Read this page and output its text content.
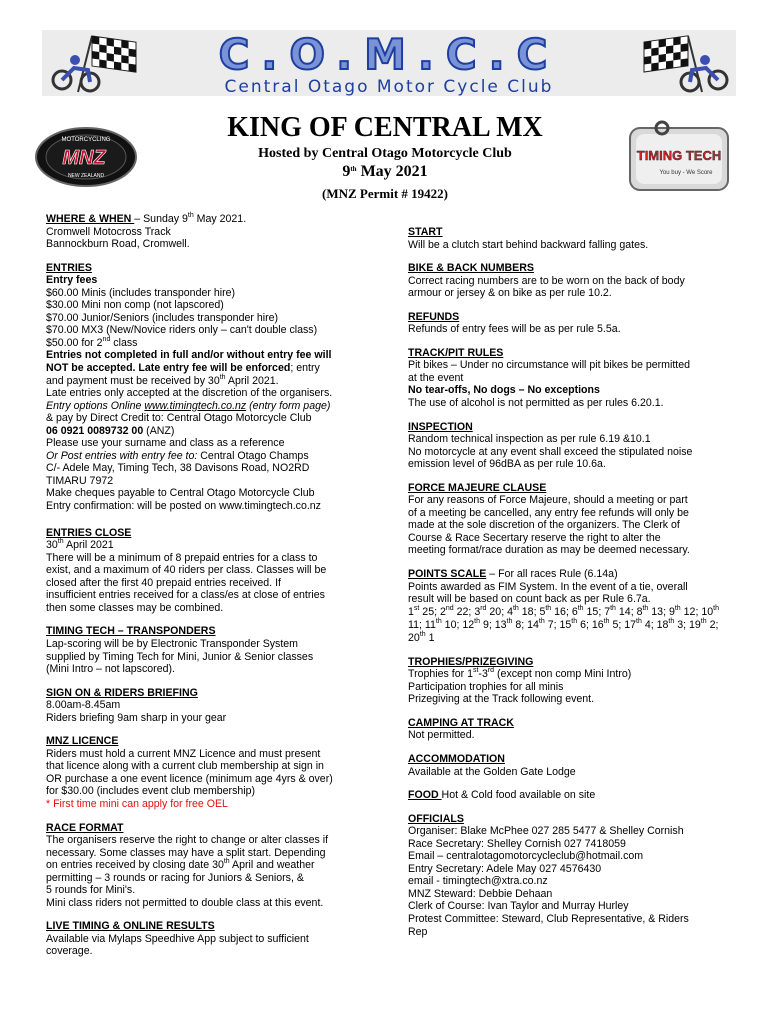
C.O.M.C.C
Central Otago Motor Cycle Club
MOTORCYCLING
MNZ
NEW ZEALAND
TIMING TECH
You buy - We Score
KING OF CENTRAL MX
Hosted by Central Otago Motorcycle Club
9th May 2021
(MNZ Permit # 19422)
WHERE & WHEN – Sunday 9th May 2021.
Cromwell Motocross Track
Bannockburn Road, Cromwell.
ENTRIES
Entry fees
$60.00 Minis (includes transponder hire)
$30.00 Mini non comp (not lapscored)
$70.00 Junior/Seniors (includes transponder hire)
$70.00 MX3 (New/Novice riders only – can't double class)
$50.00 for 2nd class
Entries not completed in full and/or without entry fee will
NOT be accepted. Late entry fee will be enforced; entry
and payment must be received by 30th April 2021.
Late entries only accepted at the discretion of the organisers.
Entry options Online www.timingtech.co.nz (entry form page)
& pay by Direct Credit to: Central Otago Motorcycle Club
06 0921 0089732 00 (ANZ)
Please use your surname and class as a reference
Or Post entries with entry fee to: Central Otago Champs
C/- Adele May, Timing Tech, 38 Davisons Road, NO2RD
TIMARU 7972
Make cheques payable to Central Otago Motorcycle Club
Entry confirmation: will be posted on www.timingtech.co.nz
ENTRIES CLOSE
30th April 2021
There will be a minimum of 8 prepaid entries for a class to
exist, and a maximum of 40 riders per class. Classes will be
closed after the first 40 prepaid entries received. If
insufficient entries received for a class/es at close of entries
then some classes may be combined.
TIMING TECH – TRANSPONDERS
Lap-scoring will be by Electronic Transponder System
supplied by Timing Tech for Mini, Junior & Senior classes
(Mini Intro – not lapscored).
SIGN ON & RIDERS BRIEFING
8.00am-8.45am
Riders briefing 9am sharp in your gear
MNZ LICENCE
Riders must hold a current MNZ Licence and must present
that licence along with a current club membership at sign in
OR purchase a one event licence (minimum age 4yrs & over)
for $30.00 (includes event club membership)
* First time mini can apply for free OEL
RACE FORMAT
The organisers reserve the right to change or alter classes if
necessary. Some classes may have a split start. Depending
on entries received by closing date 30th April and weather
permitting – 3 rounds or racing for Juniors & Seniors, &
5 rounds for Mini's.
Mini class riders not permitted to double class at this event.
LIVE TIMING & ONLINE RESULTS
Available via Mylaps Speedhive App subject to sufficient
coverage.
START
Will be a clutch start behind backward falling gates.
BIKE & BACK NUMBERS
Correct racing numbers are to be worn on the back of body
armour or jersey & on bike as per rule 10.2.
REFUNDS
Refunds of entry fees will be as per rule 5.5a.
TRACK/PIT RULES
Pit bikes – Under no circumstance will pit bikes be permitted
at the event
No tear-offs, No dogs – No exceptions
The use of alcohol is not permitted as per rules 6.20.1.
INSPECTION
Random technical inspection as per rule 6.19 &10.1
No motorcycle at any event shall exceed the stipulated noise
emission level of 96dBA as per rule 10.6a.
FORCE MAJEURE CLAUSE
For any reasons of Force Majeure, should a meeting or part
of a meeting be cancelled, any entry fee refunds will only be
made at the sole discretion of the organizers. The Clerk of
Course & Race Secertary reserve the right to alter the
meeting format/race duration as may be deemed necessary.
POINTS SCALE – For all races Rule (6.14a)
Points awarded as FIM System. In the event of a tie, overall
result will be based on count back as per Rule 6.7a.
1st 25; 2nd 22; 3rd 20; 4th 18; 5th 16; 6th 15; 7th 14; 8th 13; 9th 12; 10th 11; 11th 10; 12th 9; 13th 8; 14th 7; 15th 6; 16th 5; 17th 4; 18th 3; 19th 2; 20th 1
TROPHIES/PRIZEGIVING
Trophies for 1st-3rd (except non comp Mini Intro)
Participation trophies for all minis
Prizegiving at the Track following event.
CAMPING AT TRACK
Not permitted.
ACCOMMODATION
Available at the Golden Gate Lodge
FOOD Hot & Cold food available on site
OFFICIALS
Organiser: Blake McPhee 027 285 5477 & Shelley Cornish
Race Secretary: Shelley Cornish 027 7418059
Email – centralotagomotorcycleclub@hotmail.com
Entry Secretary: Adele May 027 4576430
email - timingtech@xtra.co.nz
MNZ Steward: Debbie Dehaan
Clerk of Course: Ivan Taylor and Murray Hurley
Protest Committee: Steward, Club Representative, & Riders
Rep
